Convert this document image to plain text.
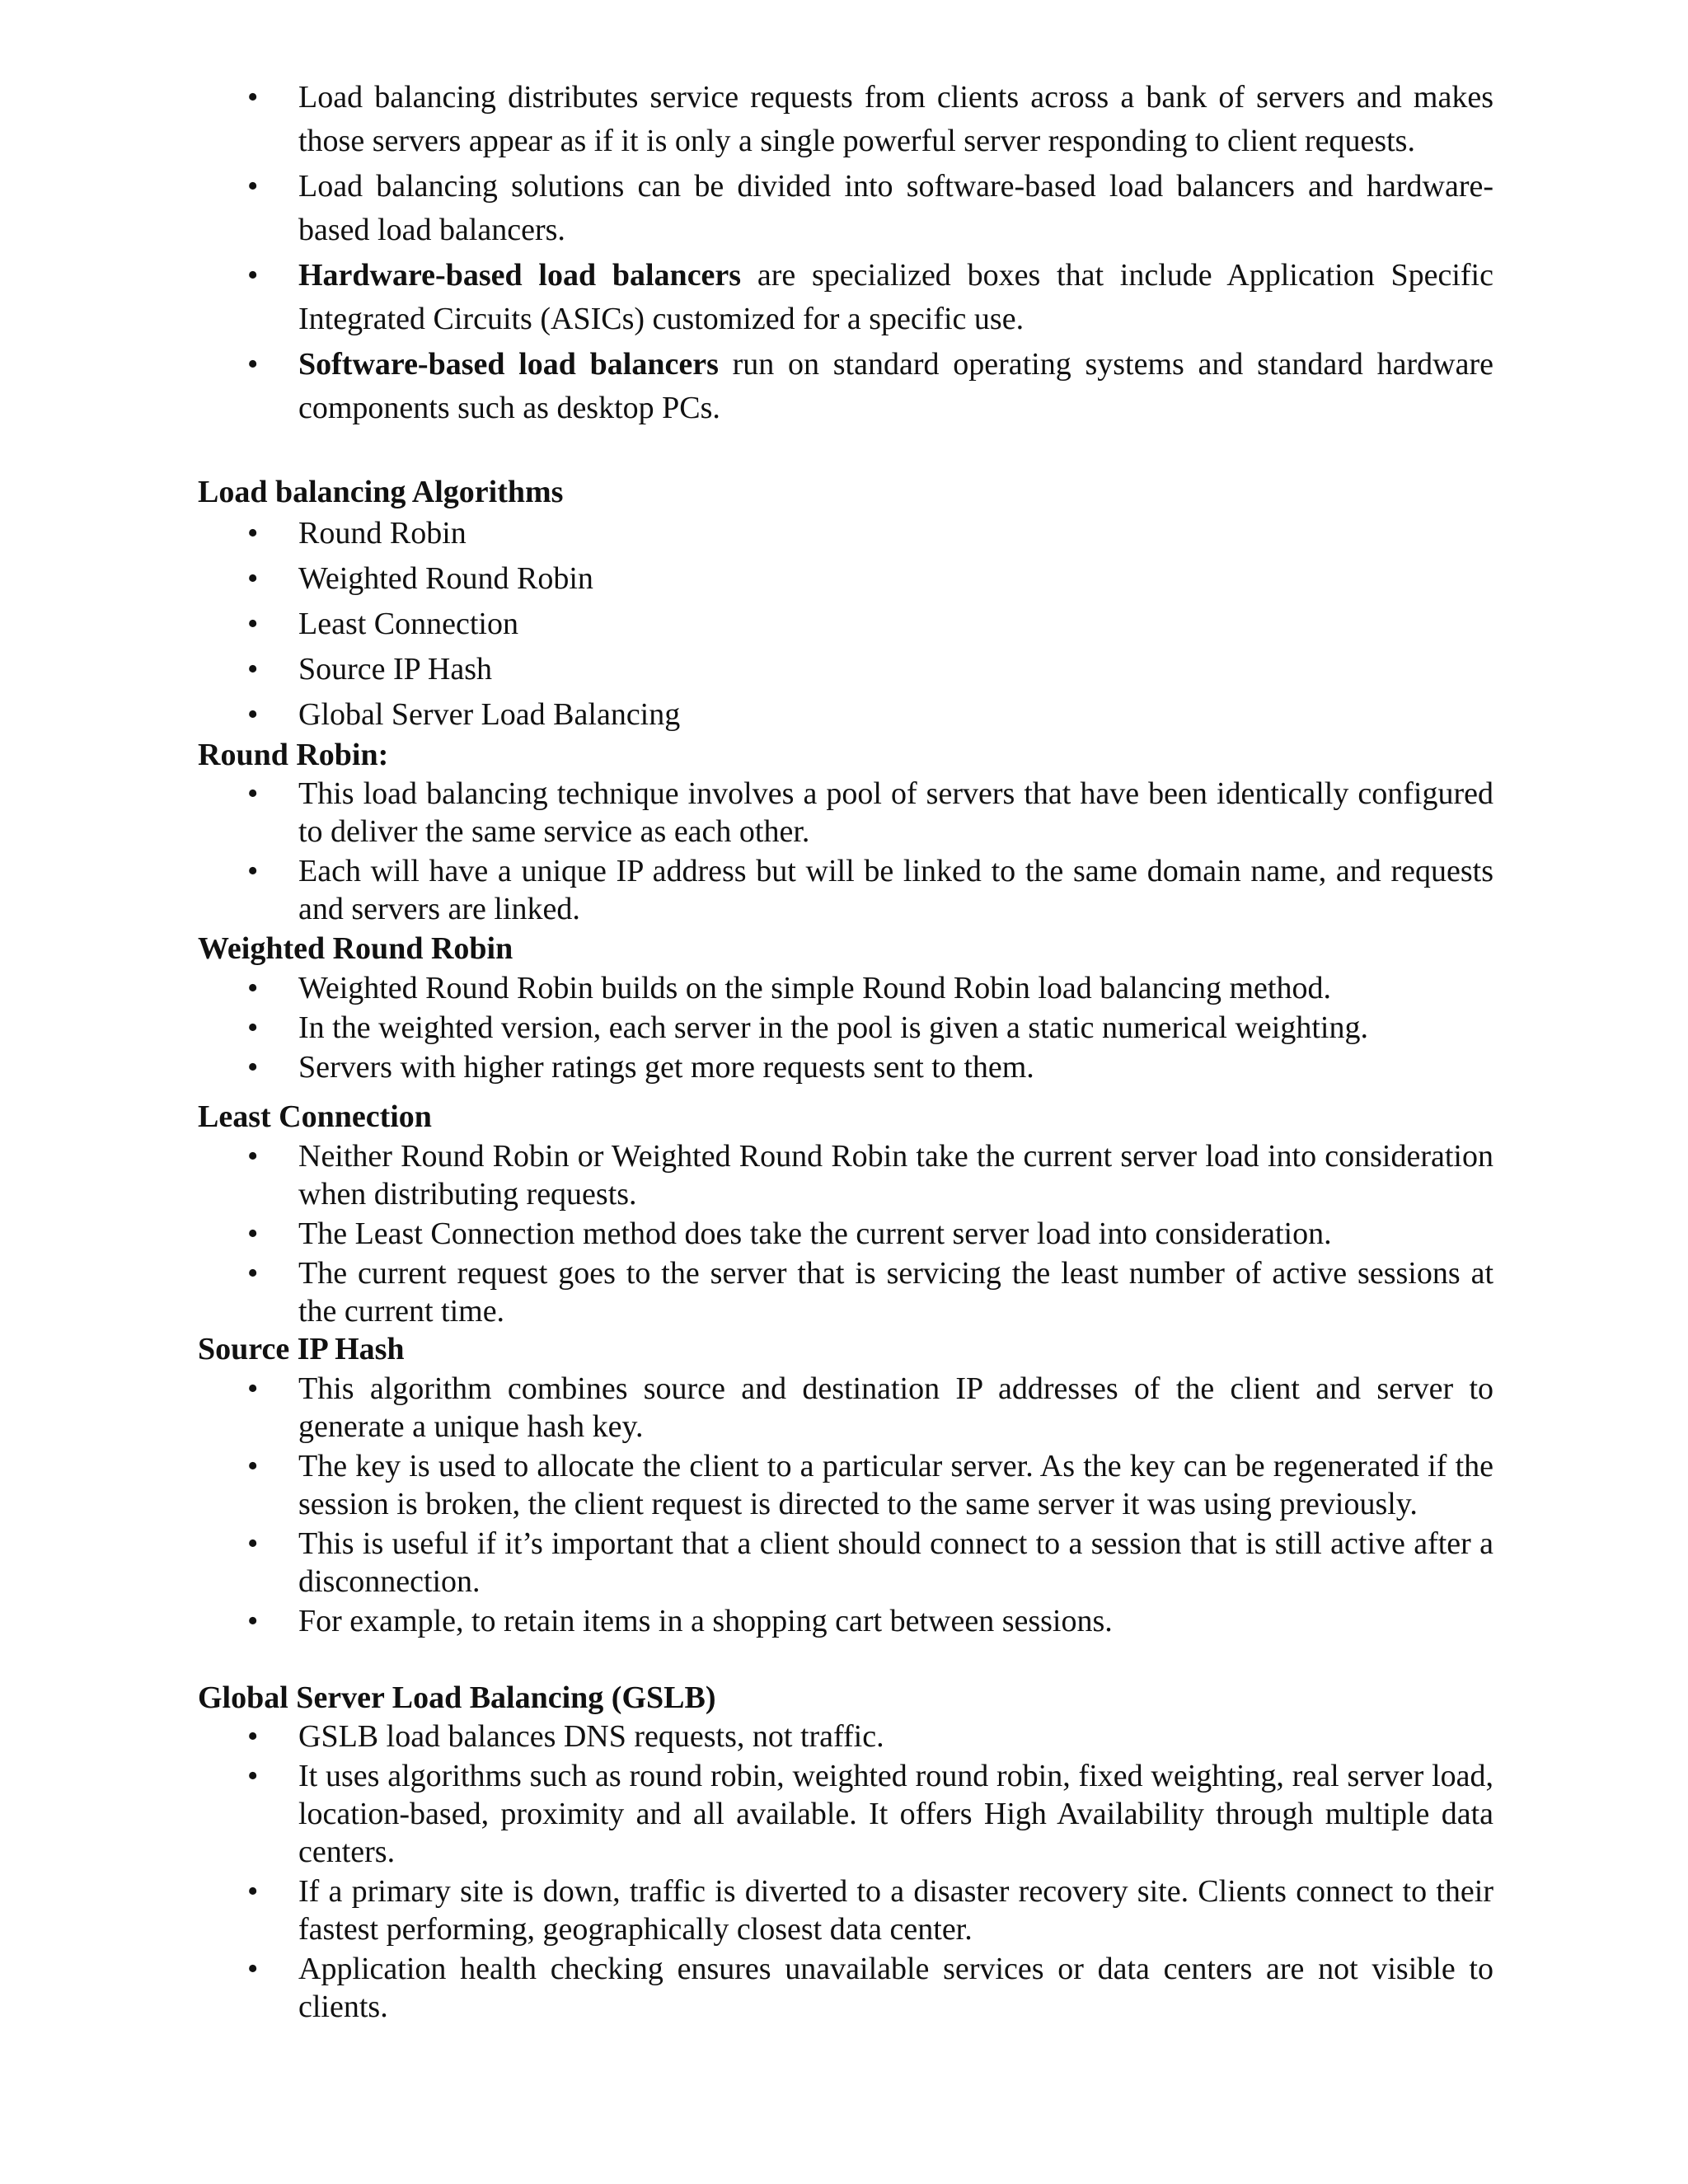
• Load balancing distributes service requests from clients across a bank of servers and makes those servers appear as if it is only a single powerful server responding to client requests.
• Load balancing solutions can be divided into software-based load balancers and hardware-based load balancers.
• Hardware-based load balancers are specialized boxes that include Application Specific Integrated Circuits (ASICs) customized for a specific use.
• Software-based load balancers run on standard operating systems and standard hardware components such as desktop PCs.
Load balancing Algorithms
• Round Robin
• Weighted Round Robin
• Least Connection
• Source IP Hash
• Global Server Load Balancing
Round Robin:
• This load balancing technique involves a pool of servers that have been identically configured to deliver the same service as each other.
• Each will have a unique IP address but will be linked to the same domain name, and requests and servers are linked.
Weighted Round Robin
• Weighted Round Robin builds on the simple Round Robin load balancing method.
• In the weighted version, each server in the pool is given a static numerical weighting.
• Servers with higher ratings get more requests sent to them.
Least Connection
• Neither Round Robin or Weighted Round Robin take the current server load into consideration when distributing requests.
• The Least Connection method does take the current server load into consideration.
• The current request goes to the server that is servicing the least number of active sessions at the current time.
Source IP Hash
• This algorithm combines source and destination IP addresses of the client and server to generate a unique hash key.
• The key is used to allocate the client to a particular server. As the key can be regenerated if the session is broken, the client request is directed to the same server it was using previously.
• This is useful if it’s important that a client should connect to a session that is still active after a disconnection.
• For example, to retain items in a shopping cart between sessions.
Global Server Load Balancing (GSLB)
• GSLB load balances DNS requests, not traffic.
• It uses algorithms such as round robin, weighted round robin, fixed weighting, real server load, location-based, proximity and all available. It offers High Availability through multiple data centers.
• If a primary site is down, traffic is diverted to a disaster recovery site. Clients connect to their fastest performing, geographically closest data center.
• Application health checking ensures unavailable services or data centers are not visible to clients.
